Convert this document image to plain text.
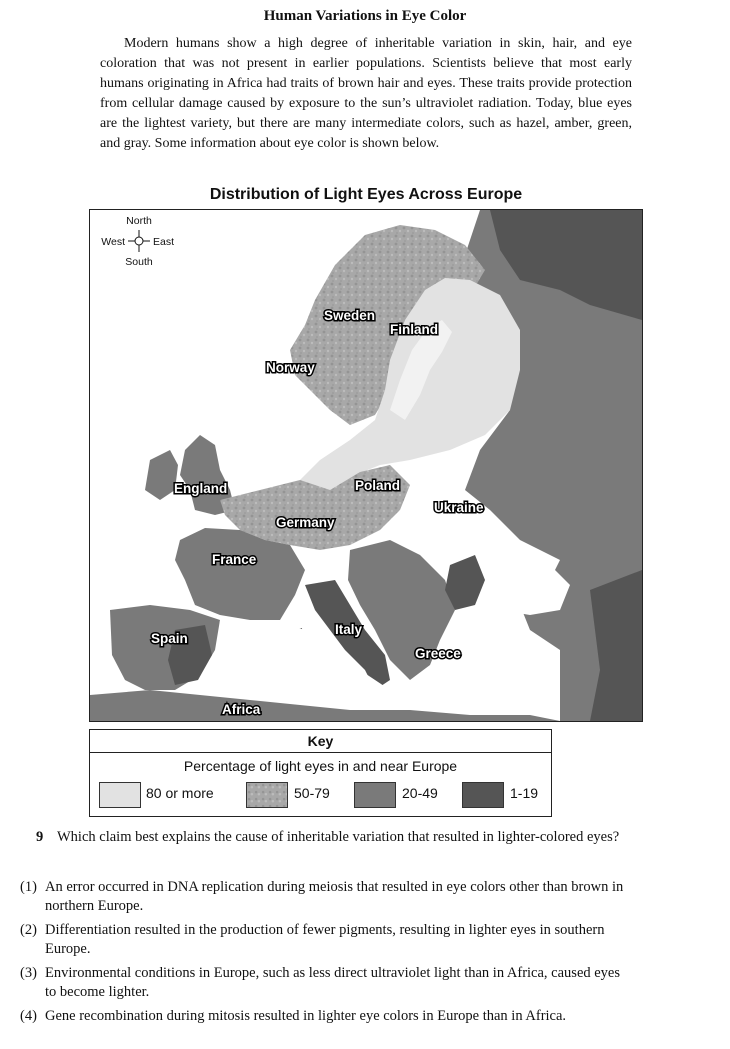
Human Variations in Eye Color
Modern humans show a high degree of inheritable variation in skin, hair, and eye coloration that was not present in earlier populations. Scientists believe that most early humans originating in Africa had traits of brown hair and eyes. These traits provide protection from cellular damage caused by exposure to the sun’s ultraviolet radiation. Today, blue eyes are the lightest variety, but there are many intermediate colors, such as hazel, amber, green, and gray. Some information about eye color is shown below.
Distribution of Light Eyes Across Europe
North
South
West	East
Sweden
Finland
Norway
England	Poland
Ukraine
Germany
France
Spain
Italy
Greece
Africa
Key
Percentage of light eyes in and near Europe
80 or more	50-79	20-49	1-19
9 Which claim best explains the cause of inheritable variation that resulted in lighter-colored eyes?
(1) An error occurred in DNA replication during meiosis that resulted in eye colors other than brown in northern Europe.
(2) Differentiation resulted in the production of fewer pigments, resulting in lighter eyes in southern Europe.
(3) Environmental conditions in Europe, such as less direct ultraviolet light than in Africa, caused eyes to become lighter.
(4) Gene recombination during mitosis resulted in lighter eye colors in Europe than in Africa.
